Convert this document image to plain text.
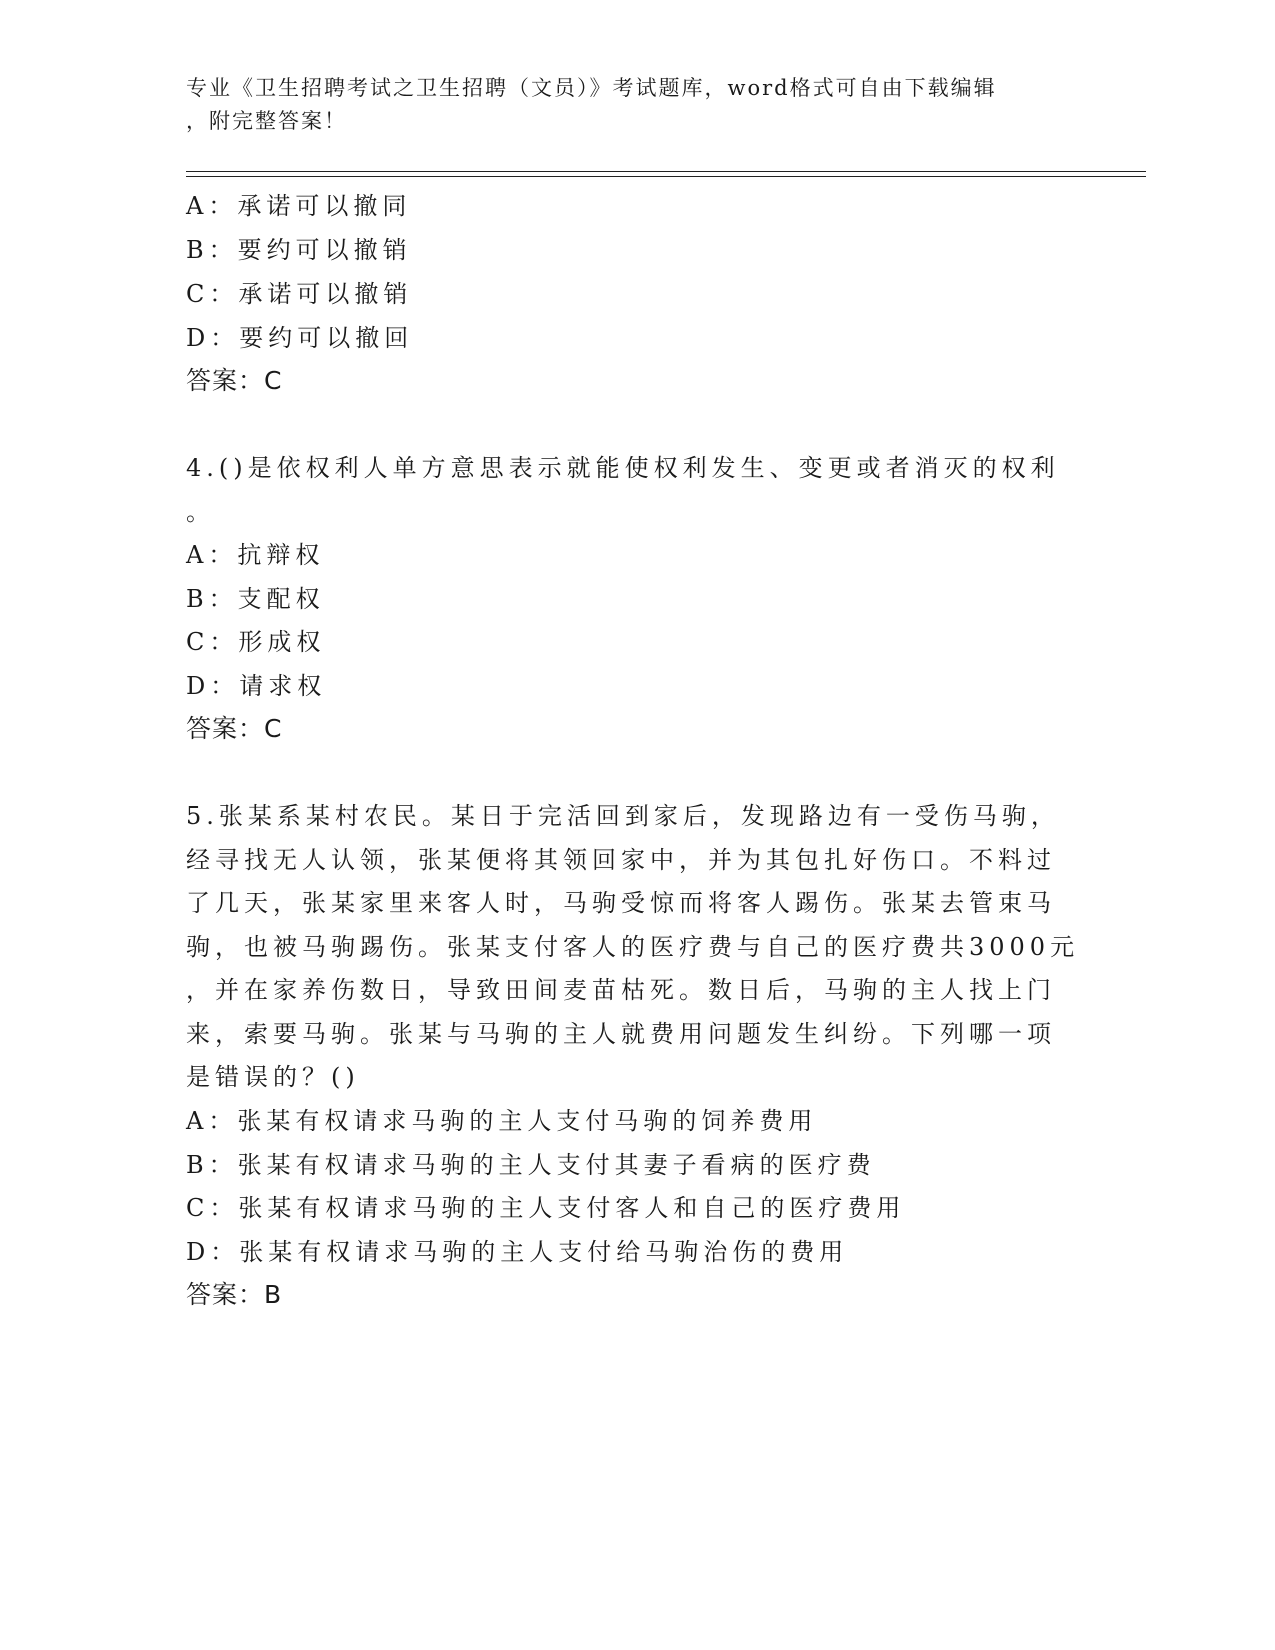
专业《卫生招聘考试之卫生招聘（文员）》考试题库，word格式可自由下载编辑
，附完整答案！
A：承诺可以撤同
B：要约可以撤销
C：承诺可以撤销
D：要约可以撤回
答案：C
4.()是依权利人单方意思表示就能使权利发生、变更或者消灭的权利
。
A：抗辩权
B：支配权
C：形成权
D：请求权
答案：C
5.张某系某村农民。某日于完活回到家后，发现路边有一受伤马驹，
经寻找无人认领，张某便将其领回家中，并为其包扎好伤口。不料过
了几天，张某家里来客人时，马驹受惊而将客人踢伤。张某去管束马
驹，也被马驹踢伤。张某支付客人的医疗费与自己的医疗费共3000元
，并在家养伤数日，导致田间麦苗枯死。数日后，马驹的主人找上门
来，索要马驹。张某与马驹的主人就费用问题发生纠纷。下列哪一项
是错误的？()
A：张某有权请求马驹的主人支付马驹的饲养费用
B：张某有权请求马驹的主人支付其妻子看病的医疗费
C：张某有权请求马驹的主人支付客人和自己的医疗费用
D：张某有权请求马驹的主人支付给马驹治伤的费用
答案：B
